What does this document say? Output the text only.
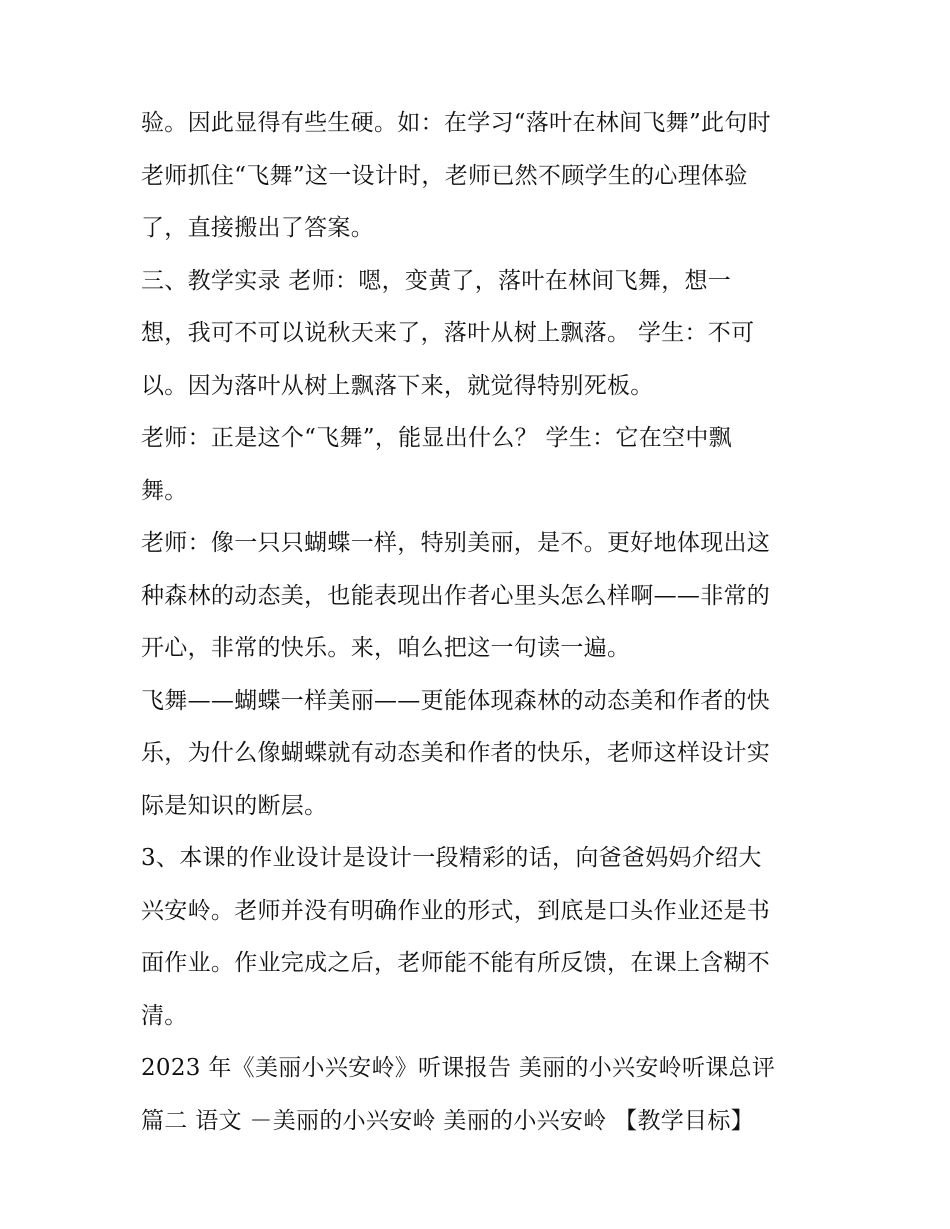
验。因此显得有些生硬。如：在学习“落叶在林间飞舞”此句时
老师抓住“飞舞”这一设计时，老师已然不顾学生的心理体验
了，直接搬出了答案。
三、教学实录 老师：嗯，变黄了，落叶在林间飞舞，想一
想，我可不可以说秋天来了，落叶从树上飘落。 学生：不可
以。因为落叶从树上飘落下来，就觉得特别死板。
老师：正是这个“飞舞”，能显出什么？ 学生：它在空中飘
舞。
老师：像一只只蝴蝶一样，特别美丽，是不。更好地体现出这
种森林的动态美，也能表现出作者心里头怎么样啊——非常的
开心，非常的快乐。来，咱么把这一句读一遍。
飞舞——蝴蝶一样美丽——更能体现森林的动态美和作者的快
乐，为什么像蝴蝶就有动态美和作者的快乐，老师这样设计实
际是知识的断层。
3、本课的作业设计是设计一段精彩的话，向爸爸妈妈介绍大
兴安岭。老师并没有明确作业的形式，到底是口头作业还是书
面作业。作业完成之后，老师能不能有所反馈，在课上含糊不
清。
2023 年《美丽小兴安岭》听课报告 美丽的小兴安岭听课总评
篇二 语文 －美丽的小兴安岭 美丽的小兴安岭 【教学目标】
